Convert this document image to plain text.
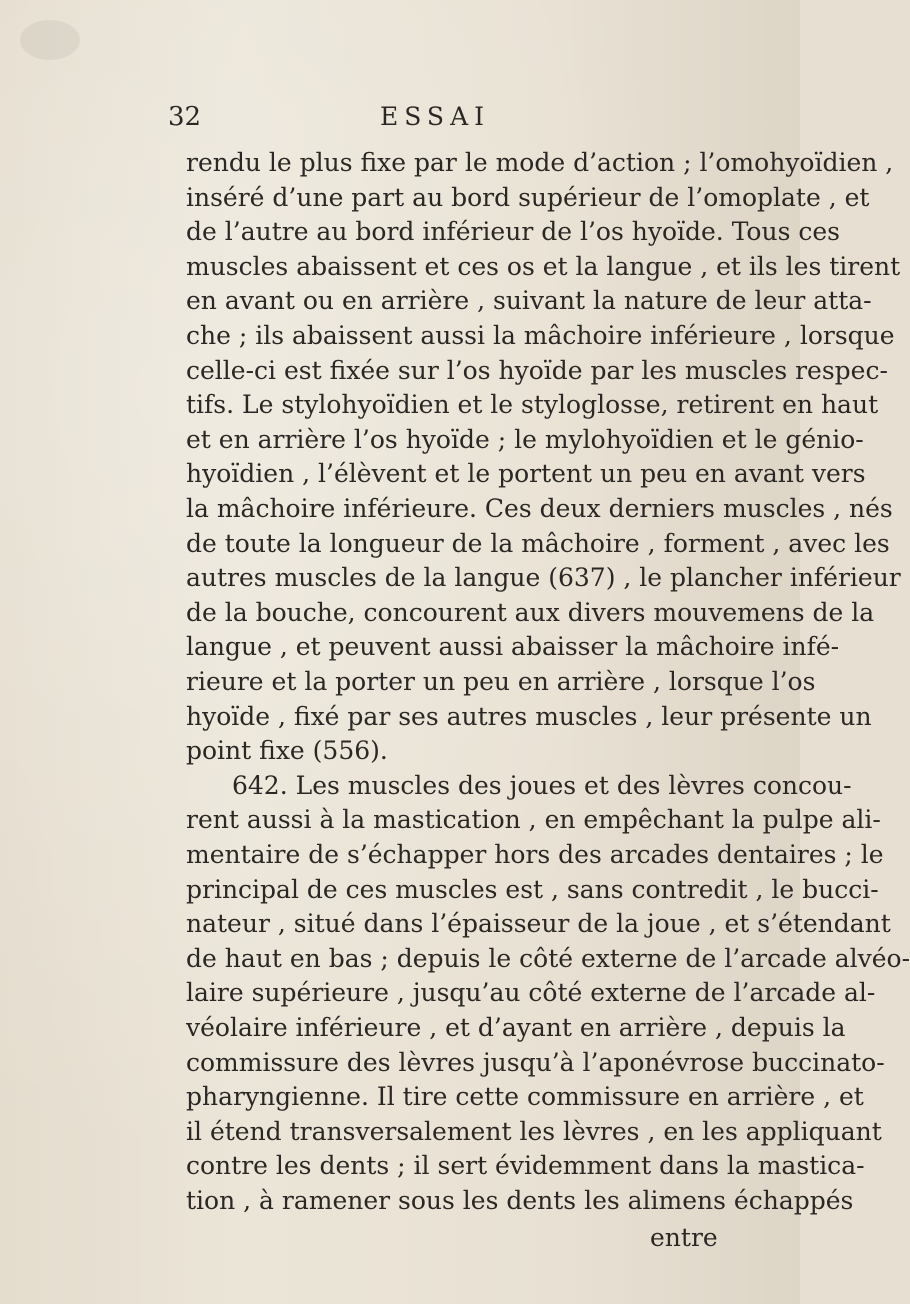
32	ESSAI
rendu le plus fixe par le mode d’action ; l’omohyoïdien ,
inséré d’une part au bord supérieur de l’omoplate , et
de l’autre au bord inférieur de l’os hyoïde. Tous ces
muscles abaissent et ces os et la langue , et ils les tirent
en avant ou en arrière , suivant la nature de leur atta-
che ; ils abaissent aussi la mâchoire inférieure , lorsque
celle-ci est fixée sur l’os hyoïde par les muscles respec-
tifs. Le stylohyoïdien et le styloglosse, retirent en haut
et en arrière l’os hyoïde ; le mylohyoïdien et le génio-
hyoïdien , l’élèvent et le portent un peu en avant vers
la mâchoire inférieure. Ces deux derniers muscles , nés
de toute la longueur de la mâchoire , forment , avec les
autres muscles de la langue (637) , le plancher inférieur
de la bouche, concourent aux divers mouvemens de la
langue , et peuvent aussi abaisser la mâchoire infé-
rieure et la porter un peu en arrière , lorsque l’os
hyoïde , fixé par ses autres muscles , leur présente un
point fixe (556).
642. Les muscles des joues et des lèvres concou-
rent aussi à la mastication , en empêchant la pulpe ali-
mentaire de s’échapper hors des arcades dentaires ; le
principal de ces muscles est , sans contredit , le bucci-
nateur , situé dans l’épaisseur de la joue , et s’étendant
de haut en bas ; depuis le côté externe de l’arcade alvéo-
laire supérieure , jusqu’au côté externe de l’arcade al-
véolaire inférieure , et d’ayant en arrière , depuis la
commissure des lèvres jusqu’à l’aponévrose buccinato-
pharyngienne. Il tire cette commissure en arrière , et
il étend transversalement les lèvres , en les appliquant
contre les dents ; il sert évidemment dans la mastica-
tion , à ramener sous les dents les alimens échappés
entre
